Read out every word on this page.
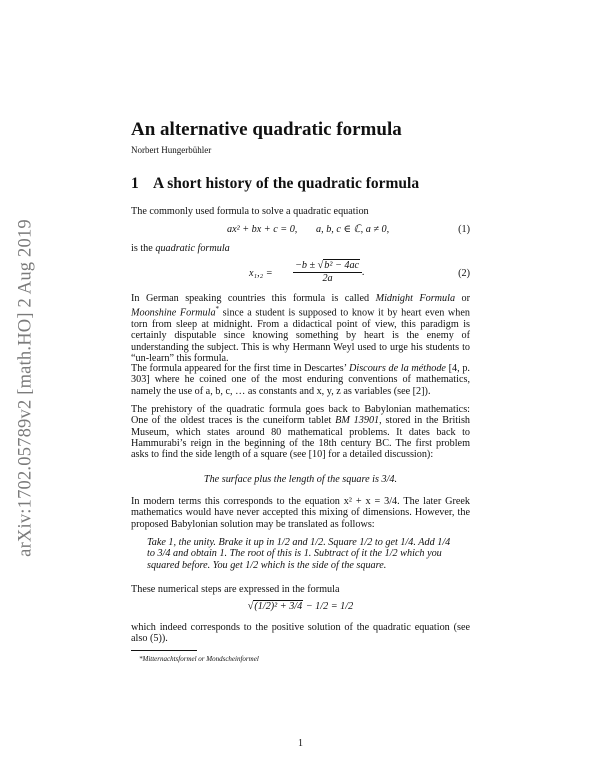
arXiv:1702.05789v2 [math.HO] 2 Aug 2019
An alternative quadratic formula
Norbert Hungerbühler
1 A short history of the quadratic formula
The commonly used formula to solve a quadratic equation
ax² + bx + c = 0, a, b, c ∈ ℂ, a ≠ 0,	(1)
is the quadratic formula
$x_1,_2 = \frac{\text{−b ± √b² − 4ac}}{2a}$ .	(2)
In German speaking countries this formula is called Midnight Formula or Moonshine Formula* since a student is supposed to know it by heart even when torn from sleep at midnight. From a didactical point of view, this paradigm is certainly disputable since knowing something by heart is the enemy of understanding the subject. This is why Hermann Weyl used to urge his students to “un-learn” this formula.
The formula appeared for the first time in Descartes’ Discours de la méthode [4, p. 303] where he coined one of the most enduring conventions of mathematics, namely the use of a, b, c, … as constants and x, y, z as variables (see [2]).
The prehistory of the quadratic formula goes back to Babylonian mathematics: One of the oldest traces is the cuneiform tablet BM 13901, stored in the British Museum, which states around 80 mathematical problems. It dates back to Hammurabi’s reign in the beginning of the 18th century BC. The first problem asks to find the side length of a square (see [10] for a detailed discussion):
The surface plus the length of the square is 3/4.
In modern terms this corresponds to the equation x² + x = 3/4. The later Greek mathematics would have never accepted this mixing of dimensions. However, the proposed Babylonian solution may be translated as follows:
Take 1, the unity. Brake it up in 1/2 and 1/2. Square 1/2 to get 1/4. Add 1/4 to 3/4 and obtain 1. The root of this is 1. Subtract of it the 1/2 which you squared before. You get 1/2 which is the side of the square.
These numerical steps are expressed in the formula
√(1/2)² + 3/4 − 1/2 = 1/2
which indeed corresponds to the positive solution of the quadratic equation (see also (5)).
*Mitternachtsformel or Mondscheinformel
1
